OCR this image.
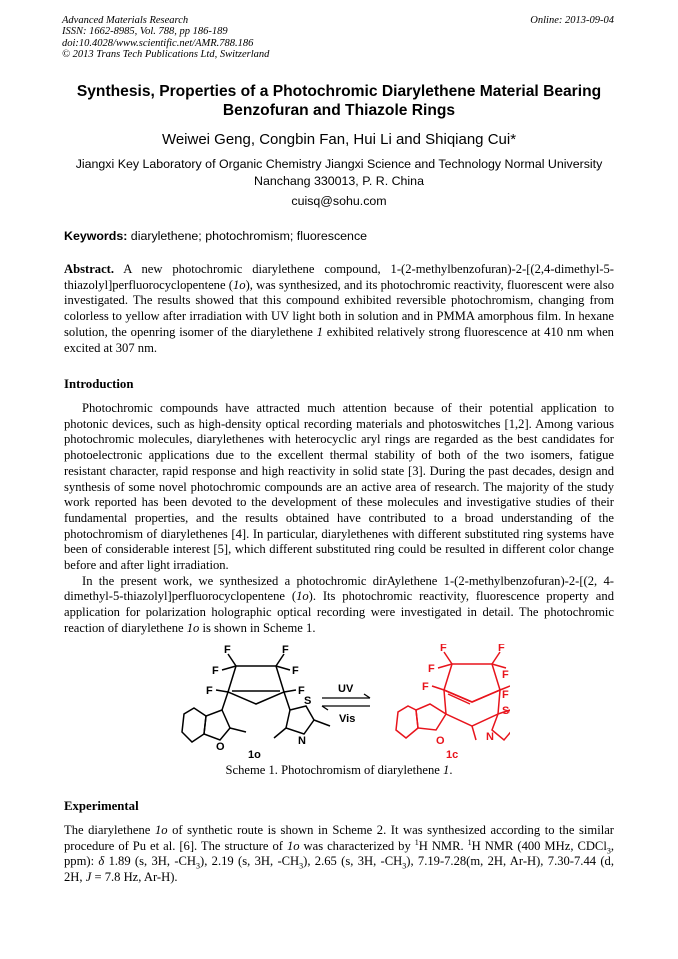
Advanced Materials Research
ISSN: 1662-8985, Vol. 788, pp 186-189
doi:10.4028/www.scientific.net/AMR.788.186
© 2013 Trans Tech Publications Ltd, Switzerland
Online: 2013-09-04
Synthesis, Properties of a Photochromic Diarylethene Material Bearing
Benzofuran and Thiazole Rings
Weiwei Geng, Congbin Fan, Hui Li and Shiqiang Cui*
Jiangxi Key Laboratory of Organic Chemistry Jiangxi Science and Technology Normal University
Nanchang 330013, P. R. China
cuisq@sohu.com
Keywords: diarylethene; photochromism; fluorescence

Abstract. A new photochromic diarylethene compound, 1-(2-methylbenzofuran)-2-[(2,4-dimethyl-5-thiazolyl]perfluorocyclopentene (1o), was synthesized, and its photochromic reactivity, fluorescent were also investigated. The results showed that this compound exhibited reversible photochromism, changing from colorless to yellow after irradiation with UV light both in solution and in PMMA amorphous film. In hexane solution, the openring isomer of the diarylethene 1 exhibited relatively strong fluorescence at 410 nm when excited at 307 nm.

Introduction

Photochromic compounds have attracted much attention because of their potential application to photonic devices, such as high-density optical recording materials and photoswitches [1,2]. Among various photochromic molecules, diarylethenes with heterocyclic aryl rings are regarded as the best candidates for photoelectronic applications due to the excellent thermal stability of both of the two isomers, fatigue resistant character, rapid response and high reactivity in solid state [3]. During the past decades, design and synthesis of some novel photochromic compounds are an active area of research. The majority of the study work reported has been devoted to the development of these molecules and investigative studies of their fundamental properties, and the results obtained have contributed to a broad understanding of the photochromism of diarylethenes [4]. In particular, diarylethenes with different substituted ring systems have been of considerable interest [5], which different substituted ring could be resulted in different color change before and after light irradiation.

In the present work, we synthesized a photochromic dirAylethene 1-(2-methylbenzofuran)-2-[(2, 4-dimethyl-5-thiazolyl]perfluorocyclopentene (1o). Its photochromic reactivity, fluorescence property and application for polarization holographic optical recording were investigated in detail. The photochromic reaction of diarylethene 1o is shown in Scheme 1.

F	F
F	F
F	F
O
S
N
1o
UV
Vis
F	F
F	F
F
F
O
S
N
1c
Scheme 1. Photochromism of diarylethene 1.
Experimental

The diarylethene 1o of synthetic route is shown in Scheme 2. It was synthesized according to the similar procedure of Pu et al. [6]. The structure of 1o was characterized by $^1$H NMR. $^1$H NMR (400 MHz, CDCl$_3$, ppm): δ 1.89 (s, 3H, $-CH_3$), 2.19 (s, 3H, $-CH_3$), 2.65 (s, 3H, $-CH_3$), 7.19-7.28(m, 2H, Ar-H), 7.30-7.44 (d, 2H, J = 7.8 Hz, Ar-H).
